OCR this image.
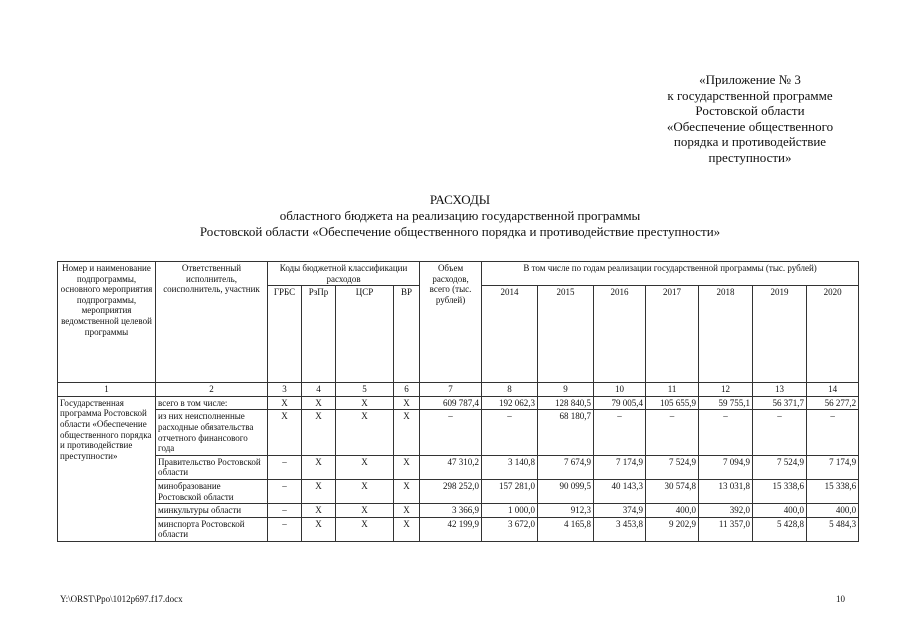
«Приложение № 3
к государственной программе
Ростовской области
«Обеспечение общественного
порядка и противодействие
преступности»
РАСХОДЫ
областного бюджета на реализацию государственной программы
Ростовской области «Обеспечение общественного порядка и противодействие преступности»
Номер и наименование подпрограммы, основного мероприятия подпрограммы, мероприятия ведомственной целевой программы	Ответственный исполнитель, соисполнитель, участник	Коды бюджетной классификации расходов				Объем расходов, всего (тыс. рублей)	В том числе по годам реализации государственной программы (тыс. рублей)						
		ГРБС	РзПр	ЦСР	ВР		2014	2015	2016	2017	2018	2019	2020
1	2	3	4	5	6	7	8	9	10	11	12	13	14
Государственная программа Ростовской области «Обеспечение общественного порядка и противодействие преступности»	всего в том числе:	Х	Х	Х	Х	609 787,4	192 062,3	128 840,5	79 005,4	105 655,9	59 755,1	56 371,7	56 277,2
	из них неисполненные расходные обязательства отчетного финансового года	Х	Х	Х	Х	–	–	68 180,7	–	–	–	–	–
	Правительство Ростовской области	–	Х	Х	Х	47 310,2	3 140,8	7 674,9	7 174,9	7 524,9	7 094,9	7 524,9	7 174,9
	минобразование Ростовской области	–	Х	Х	Х	298 252,0	157 281,0	90 099,5	40 143,3	30 574,8	13 031,8	15 338,6	15 338,6
	минкультуры области	–	Х	Х	Х	3 366,9	1 000,0	912,3	374,9	400,0	392,0	400,0	400,0
	минспорта Ростовской области	–	Х	Х	Х	42 199,9	3 672,0	4 165,8	3 453,8	9 202,9	11 357,0	5 428,8	5 484,3
Y:\ORST\Ppo\1012p697.f17.docx	10
